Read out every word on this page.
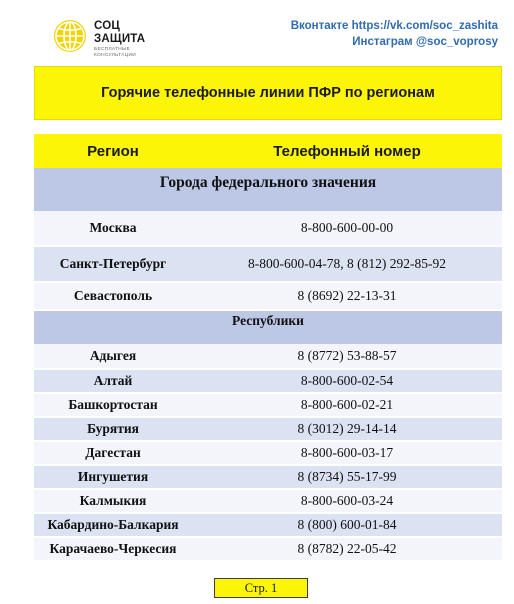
СОЦ
ЗАЩИТА
БЕСПЛАТНЫЕ
КОНСУЛЬТАЦИИ
Вконтакте https://vk.com/soc_zashita
Инстаграм @soc_voprosy
Горячие телефонные линии ПФР по регионам
Регион	Телефонный номер
Города федерального значения
Москва	8-800-600-00-00
Санкт-Петербург	8-800-600-04-78, 8 (812) 292-85-92
Севастополь	8 (8692) 22-13-31
Республики
Адыгея	8 (8772) 53-88-57
Алтай	8-800-600-02-54
Башкортостан	8-800-600-02-21
Бурятия	8 (3012) 29-14-14
Дагестан	8-800-600-03-17
Ингушетия	8 (8734) 55-17-99
Калмыкия	8-800-600-03-24
Кабардино-Балкария	8 (800) 600-01-84
Карачаево-Черкесия	8 (8782) 22-05-42
Стр. 1
